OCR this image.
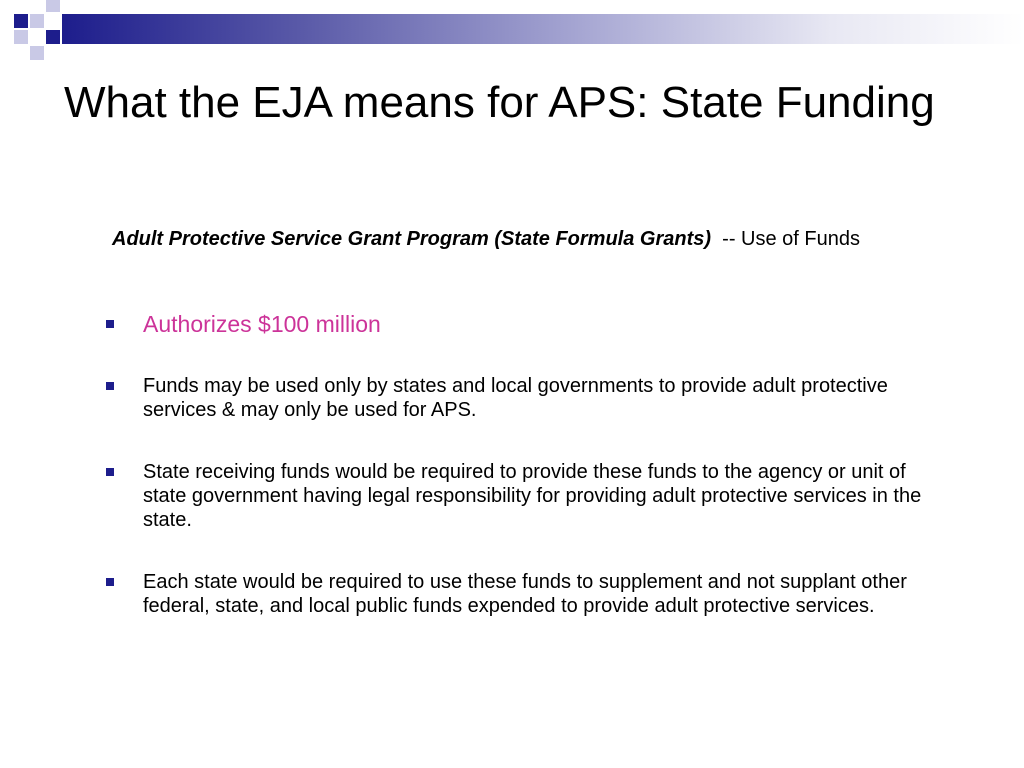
What the EJA means for APS: State Funding
Adult Protective Service Grant Program (State Formula Grants) -- Use of Funds
Authorizes $100 million
Funds may be used only by states and local governments to provide adult protective services & may only be used for APS.
State receiving funds would be required to provide these funds to the agency or unit of state government having legal responsibility for providing adult protective services in the state.
Each state would be required to use these funds to supplement and not supplant other federal, state, and local public funds expended to provide adult protective services.
